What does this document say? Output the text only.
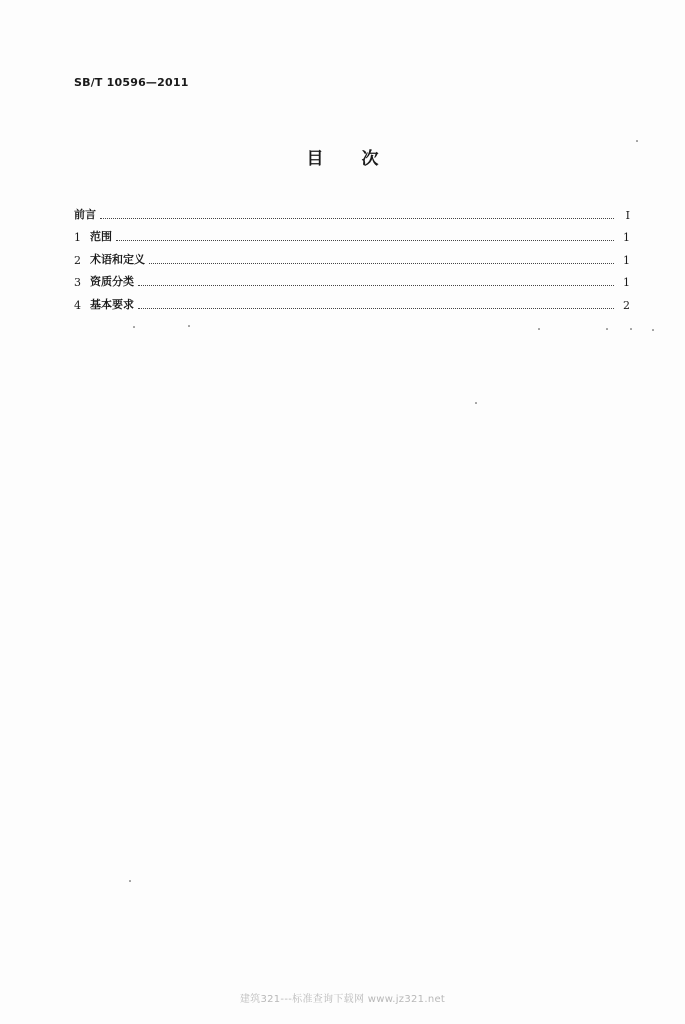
SB/T 10596—2011
目次
前言	I
1 范围	1
2 术语和定义	1
3 资质分类	1
4 基本要求	2
建筑321---标准查询下载网 www.jz321.net
